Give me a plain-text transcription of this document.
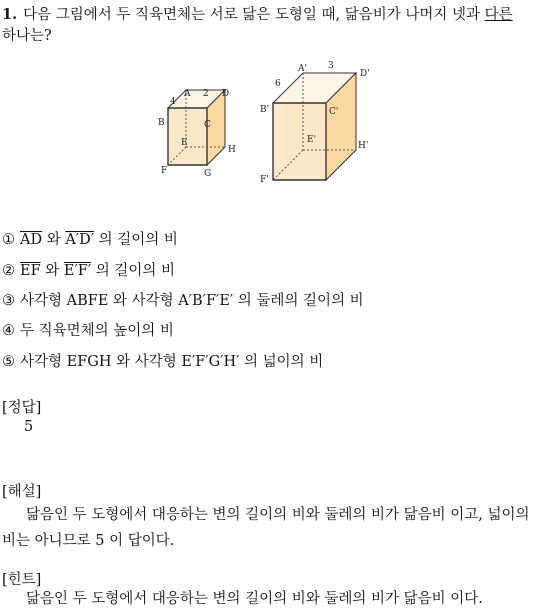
1. 다음 그림에서 두 직육면체는 서로 닮은 도형일 때, 닮음비가 나머지 넷과 다른 하나는?
4
A 2 D
B	C
E
H
F	G
6
A' 3
D'
B'	C'
E'
H'
F'
① $\overline{AD}$ 와 A′D′ 의 길이의 비
② $\overline{EF}$ 와 E′F′ 의 길이의 비
③ 사각형 ABFE 와 사각형 A′B′F′E′ 의 둘레의 길이의 비
④ 두 직육면체의 높이의 비
⑤ 사각형 EFGH 와 사각형 E′F′G′H′ 의 넓이의 비
[정답]
5
[해설]
닮음인 두 도형에서 대응하는 변의 길이의 비와 둘레의 비가 닮음비 이고, 넓이의 비는 아니므로 5 이 답이다.
[힌트]
닮음인 두 도형에서 대응하는 변의 길이의 비와 둘레의 비가 닮음비 이다.
